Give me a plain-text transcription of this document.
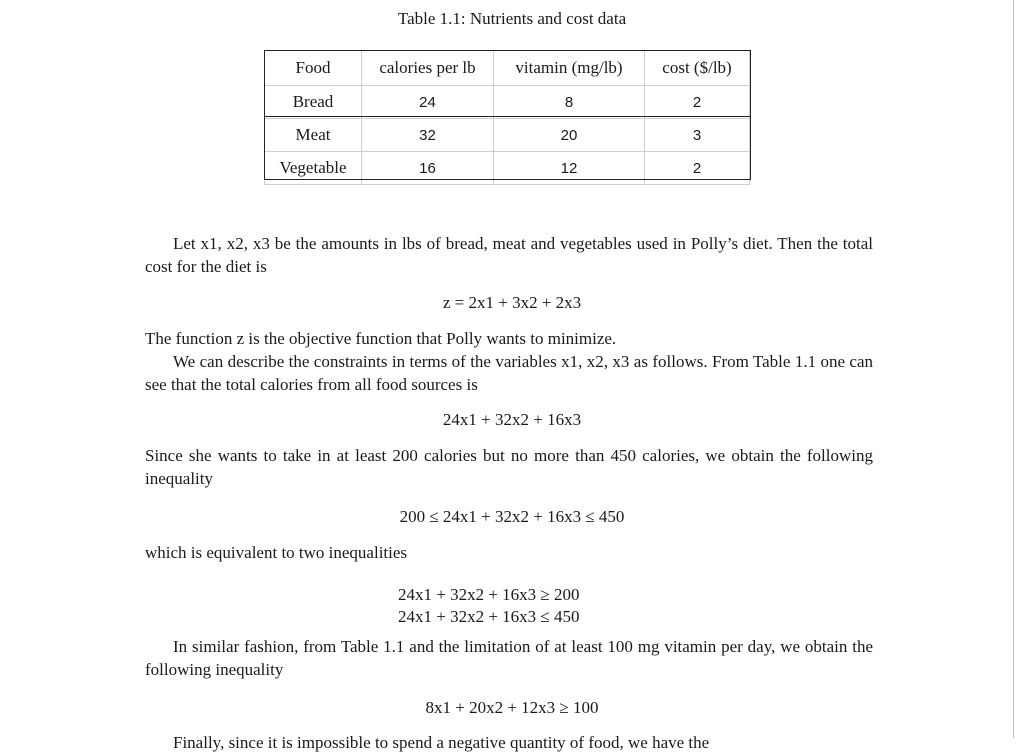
Table 1.1: Nutrients and cost data
Food	calories per lb	vitamin (mg/lb)	cost ($/lb)
Bread	24	8	2
Meat	32	20	3
Vegetable	16	12	2
Let x1, x2, x3 be the amounts in lbs of bread, meat and vegetables used in Polly’s diet. Then the total cost for the diet is
z = 2x1 + 3x2 + 2x3
The function z is the objective function that Polly wants to minimize.
We can describe the constraints in terms of the variables x1, x2, x3 as follows. From Table 1.1 one can see that the total calories from all food sources is
24x1 + 32x2 + 16x3
Since she wants to take in at least 200 calories but no more than 450 calories, we obtain the following inequality
200 ≤ 24x1 + 32x2 + 16x3 ≤ 450
which is equivalent to two inequalities
24x1 + 32x2 + 16x3 ≥ 200
24x1 + 32x2 + 16x3 ≤ 450
In similar fashion, from Table 1.1 and the limitation of at least 100 mg vitamin per day, we obtain the following inequality
8x1 + 20x2 + 12x3 ≥ 100
Finally, since it is impossible to spend a negative quantity of food, we have the
